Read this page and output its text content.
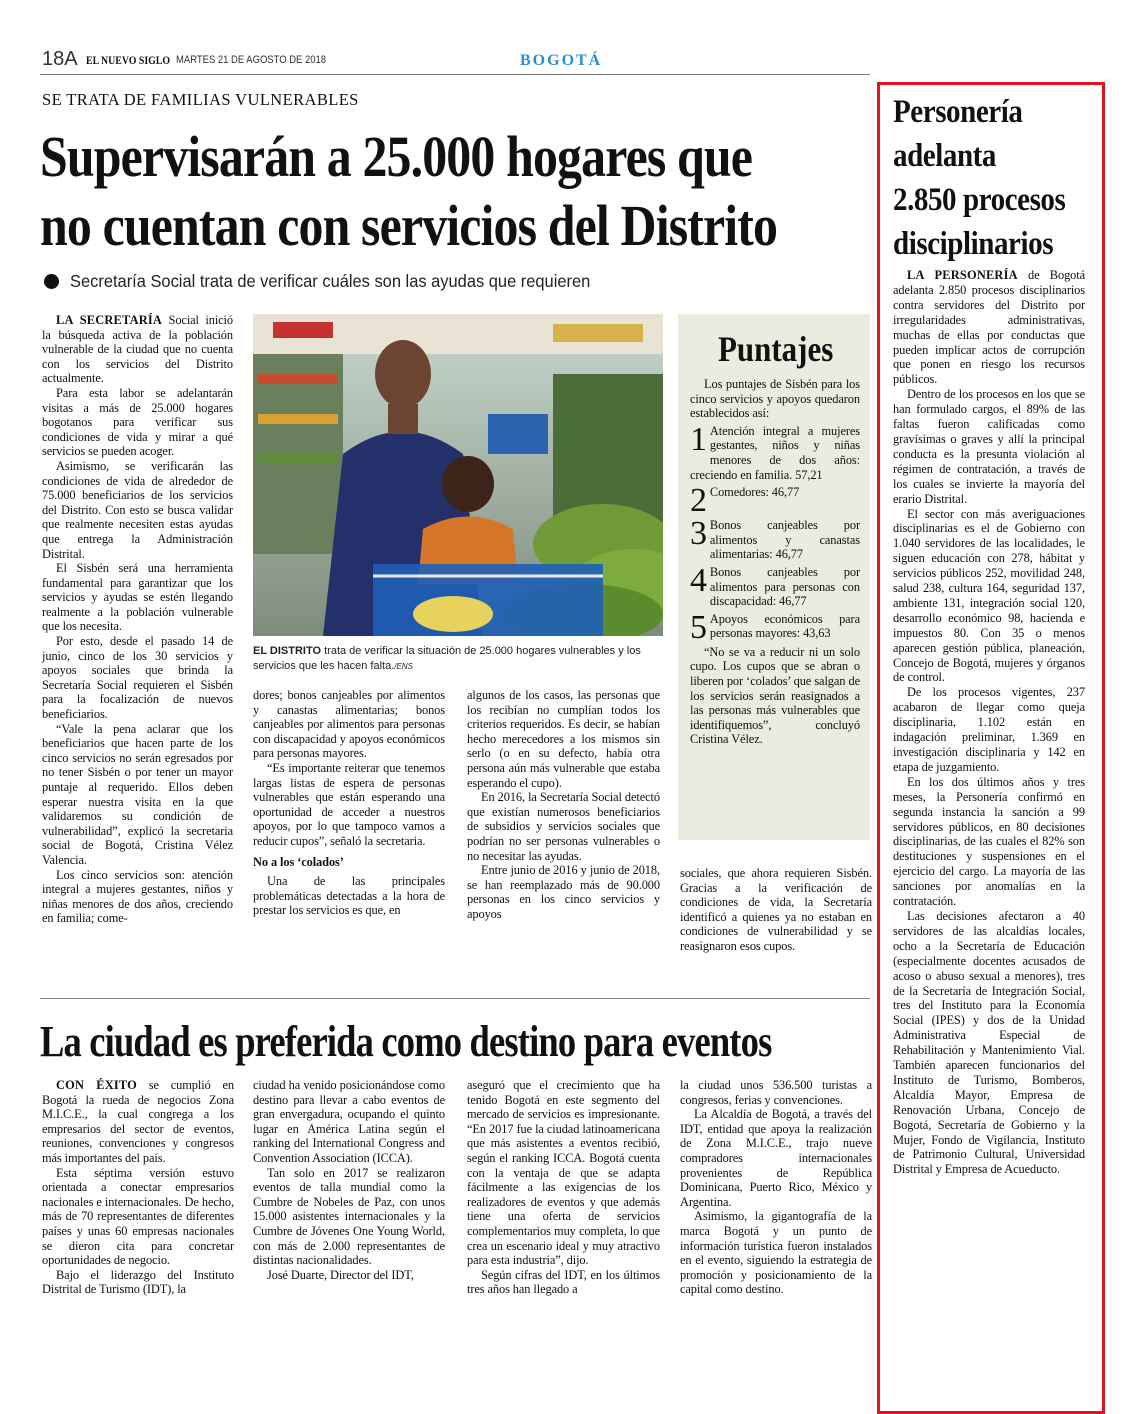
18A EL NUEVO SIGLO MARTES 21 DE AGOSTO DE 2018	BOGOTÁ
SE TRATA DE FAMILIAS VULNERABLES
Supervisarán a 25.000 hogares que
no cuentan con servicios del Distrito
Secretaría Social trata de verificar cuáles son las ayudas que requieren

LA SECRETARÍA Social inició la búsqueda activa de la población vulnerable de la ciudad que no cuenta con los servicios del Distrito actualmente.

Para esta labor se adelantarán visitas a más de 25.000 hogares bogotanos para verificar sus condiciones de vida y mirar a qué servicios se pueden acoger.

Asimismo, se verificarán las condiciones de vida de alrededor de 75.000 beneficiarios de los servicios del Distrito. Con esto se busca validar que realmente necesiten estas ayudas que entrega la Administración Distrital.

El Sisbén será una herramienta fundamental para garantizar que los servicios y ayudas se estén llegando realmente a la población vulnerable que los necesita.

Por esto, desde el pasado 14 de junio, cinco de los 30 servicios y apoyos sociales que brinda la Secretaría Social requieren el Sisbén para la focalización de nuevos beneficiarios.

“Vale la pena aclarar que los beneficiarios que hacen parte de los cinco servicios no serán egresados por no tener Sisbén o por tener un mayor puntaje al requerido. Ellos deben esperar nuestra visita en la que validaremos su condición de vulnerabilidad”, explicó la secretaria social de Bogotá, Cristina Vélez Valencia.

Los cinco servicios son: atención integral a mujeres gestantes, niños y niñas menores de dos años, creciendo en familia; come-

EL DISTRITO trata de verificar la situación de 25.000 hogares vulnerables y los servicios que les hacen falta./ENS

dores; bonos canjeables por alimentos y canastas alimentarias; bonos canjeables por alimentos para personas con discapacidad y apoyos económicos para personas mayores.

“Es importante reiterar que tenemos largas listas de espera de personas vulnerables que están esperando una oportunidad de acceder a nuestros apoyos, por lo que tampoco vamos a reducir cupos”, señaló la secretaria.

No a los ‘colados’

Una de las principales problemáticas detectadas a la hora de prestar los servicios es que, en

algunos de los casos, las personas que los recibían no cumplían todos los criterios requeridos. Es decir, se habían hecho merecedores a los mismos sin serlo (o en su defecto, había otra persona aún más vulnerable que estaba esperando el cupo).

En 2016, la Secretaría Social detectó que existían numerosos beneficiarios de subsidios y servicios sociales que podrían no ser personas vulnerables o no necesitar las ayudas.

Entre junio de 2016 y junio de 2018, se han reemplazado más de 90.000 personas en los cinco servicios y apoyos

sociales, que ahora requieren Sisbén. Gracias a la verificación de condiciones de vida, la Secretaría identificó a quienes ya no estaban en condiciones de vulnerabilidad y se reasignaron esos cupos.

Puntajes

Los puntajes de Sisbén para los cinco servicios y apoyos quedaron establecidos así:

1 Atención integral a mujeres gestantes, niños y niñas menores de dos años: creciendo en familia. 57,21
2 Comedores: 46,77
3 Bonos canjeables por alimentos y canastas alimentarias: 46,77
4 Bonos canjeables por alimentos para personas con discapacidad: 46,77
5 Apoyos económicos para personas mayores: 43,63

“No se va a reducir ni un solo cupo. Los cupos que se abran o liberen por ‘colados’ que salgan de los servicios serán reasignados a las personas más vulnerables que identifiquemos”, concluyó Cristina Vélez.

La ciudad es preferida como destino para eventos

CON ÉXITO se cumplió en Bogotá la rueda de negocios Zona M.I.C.E., la cual congrega a los empresarios del sector de eventos, reuniones, convenciones y congresos más importantes del país.

Esta séptima versión estuvo orientada a conectar empresarios nacionales e internacionales. De hecho, más de 70 representantes de diferentes países y unas 60 empresas nacionales se dieron cita para concretar oportunidades de negocio.

Bajo el liderazgo del Instituto Distrital de Turismo (IDT), la

ciudad ha venido posicionándose como destino para llevar a cabo eventos de gran envergadura, ocupando el quinto lugar en América Latina según el ranking del International Congress and Convention Association (ICCA).

Tan solo en 2017 se realizaron eventos de talla mundial como la Cumbre de Nobeles de Paz, con unos 15.000 asistentes internacionales y la Cumbre de Jóvenes One Young World, con más de 2.000 representantes de distintas nacionalidades.

José Duarte, Director del IDT,

aseguró que el crecimiento que ha tenido Bogotá en este segmento del mercado de servicios es impresionante. “En 2017 fue la ciudad latinoamericana que más asistentes a eventos recibió, según el ranking ICCA. Bogotá cuenta con la ventaja de que se adapta fácilmente a las exigencias de los realizadores de eventos y que además tiene una oferta de servicios complementarios muy completa, lo que crea un escenario ideal y muy atractivo para esta industria”, dijo.

Según cifras del IDT, en los últimos tres años han llegado a

la ciudad unos 536.500 turistas a congresos, ferias y convenciones.

La Alcaldía de Bogotá, a través del IDT, entidad que apoya la realización de Zona M.I.C.E., trajo nueve compradores internacionales provenientes de República Dominicana, Puerto Rico, México y Argentina.

Asimismo, la gigantografía de la marca Bogotá y un punto de información turística fueron instalados en el evento, siguiendo la estrategia de promoción y posicionamiento de la capital como destino.

Personería
adelanta
2.850 procesos
disciplinarios

LA PERSONERÍA de Bogotá adelanta 2.850 procesos disciplinarios contra servidores del Distrito por irregularidades administrativas, muchas de ellas por conductas que pueden implicar actos de corrupción que ponen en riesgo los recursos públicos.

Dentro de los procesos en los que se han formulado cargos, el 89% de las faltas fueron calificadas como gravísimas o graves y allí la principal conducta es la presunta violación al régimen de contratación, a través de los cuales se invierte la mayoría del erario Distrital.

El sector con más averiguaciones disciplinarias es el de Gobierno con 1.040 servidores de las localidades, le siguen educación con 278, hábitat y servicios públicos 252, movilidad 248, salud 238, cultura 164, seguridad 137, ambiente 131, integración social 120, desarrollo económico 98, hacienda e impuestos 80. Con 35 o menos aparecen gestión pública, planeación, Concejo de Bogotá, mujeres y órganos de control.

De los procesos vigentes, 237 acabaron de llegar como queja disciplinaria, 1.102 están en indagación preliminar, 1.369 en investigación disciplinaria y 142 en etapa de juzgamiento.

En los dos últimos años y tres meses, la Personería confirmó en segunda instancia la sanción a 99 servidores públicos, en 80 decisiones disciplinarias, de las cuales el 82% son destituciones y suspensiones en el ejercicio del cargo. La mayoría de las sanciones por anomalías en la contratación.

Las decisiones afectaron a 40 servidores de las alcaldías locales, ocho a la Secretaría de Educación (especialmente docentes acusados de acoso o abuso sexual a menores), tres de la Secretaría de Integración Social, tres del Instituto para la Economía Social (IPES) y dos de la Unidad Administrativa Especial de Rehabilitación y Mantenimiento Vial. También aparecen funcionarios del Instituto de Turismo, Bomberos, Alcaldía Mayor, Empresa de Renovación Urbana, Concejo de Bogotá, Secretaría de Gobierno y la Mujer, Fondo de Vigilancia, Instituto de Patrimonio Cultural, Universidad Distrital y Empresa de Acueducto.
